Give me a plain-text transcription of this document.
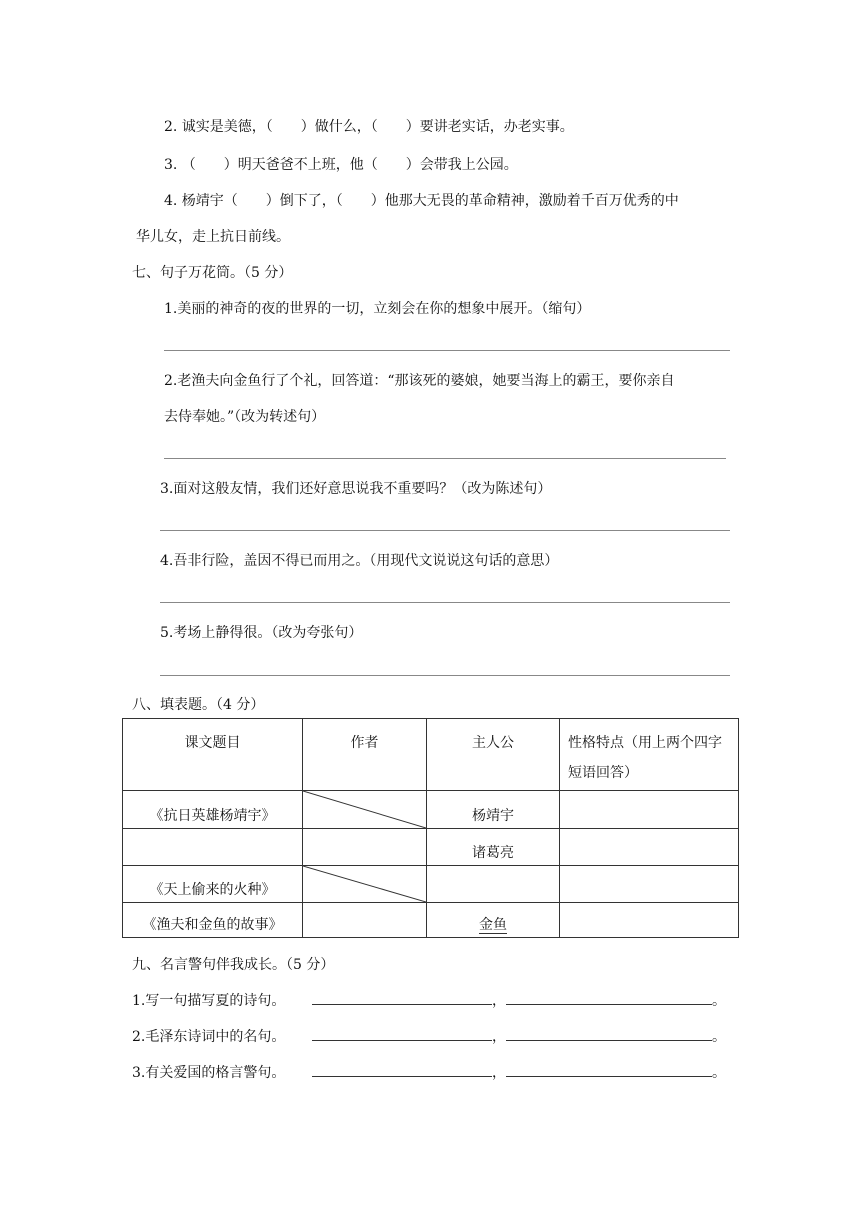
2. 诚实是美德，（　　）做什么，（　　）要讲老实话，办老实事。
3. （　　）明天爸爸不上班，他（　　）会带我上公园。
4. 杨靖宇（　　）倒下了，（　　）他那大无畏的革命精神，激励着千百万优秀的中
华儿女，走上抗日前线。
七、句子万花筒。（5 分）
1.美丽的神奇的夜的世界的一切，立刻会在你的想象中展开。（缩句）
2.老渔夫向金鱼行了个礼，回答道：“那该死的婆娘，她要当海上的霸王，要你亲自
去侍奉她。”（改为转述句）
3.面对这般友情，我们还好意思说我不重要吗？（改为陈述句）
4.吾非行险，盖因不得已而用之。（用现代文说说这句话的意思）
5.考场上静得很。（改为夸张句）
八、填表题。（4 分）
课文题目	作者	主人公	性格特点（用上两个四字
短语回答）

《抗日英雄杨靖宇》		杨靖宇	
		诸葛亮	
《天上偷来的火种》	

《渔夫和金鱼的故事》		金鱼	
九、名言警句伴我成长。（5 分）
1.写一句描写夏的诗句。	，	。
2.毛泽东诗词中的名句。	，	。
3.有关爱国的格言警句。	，	。
